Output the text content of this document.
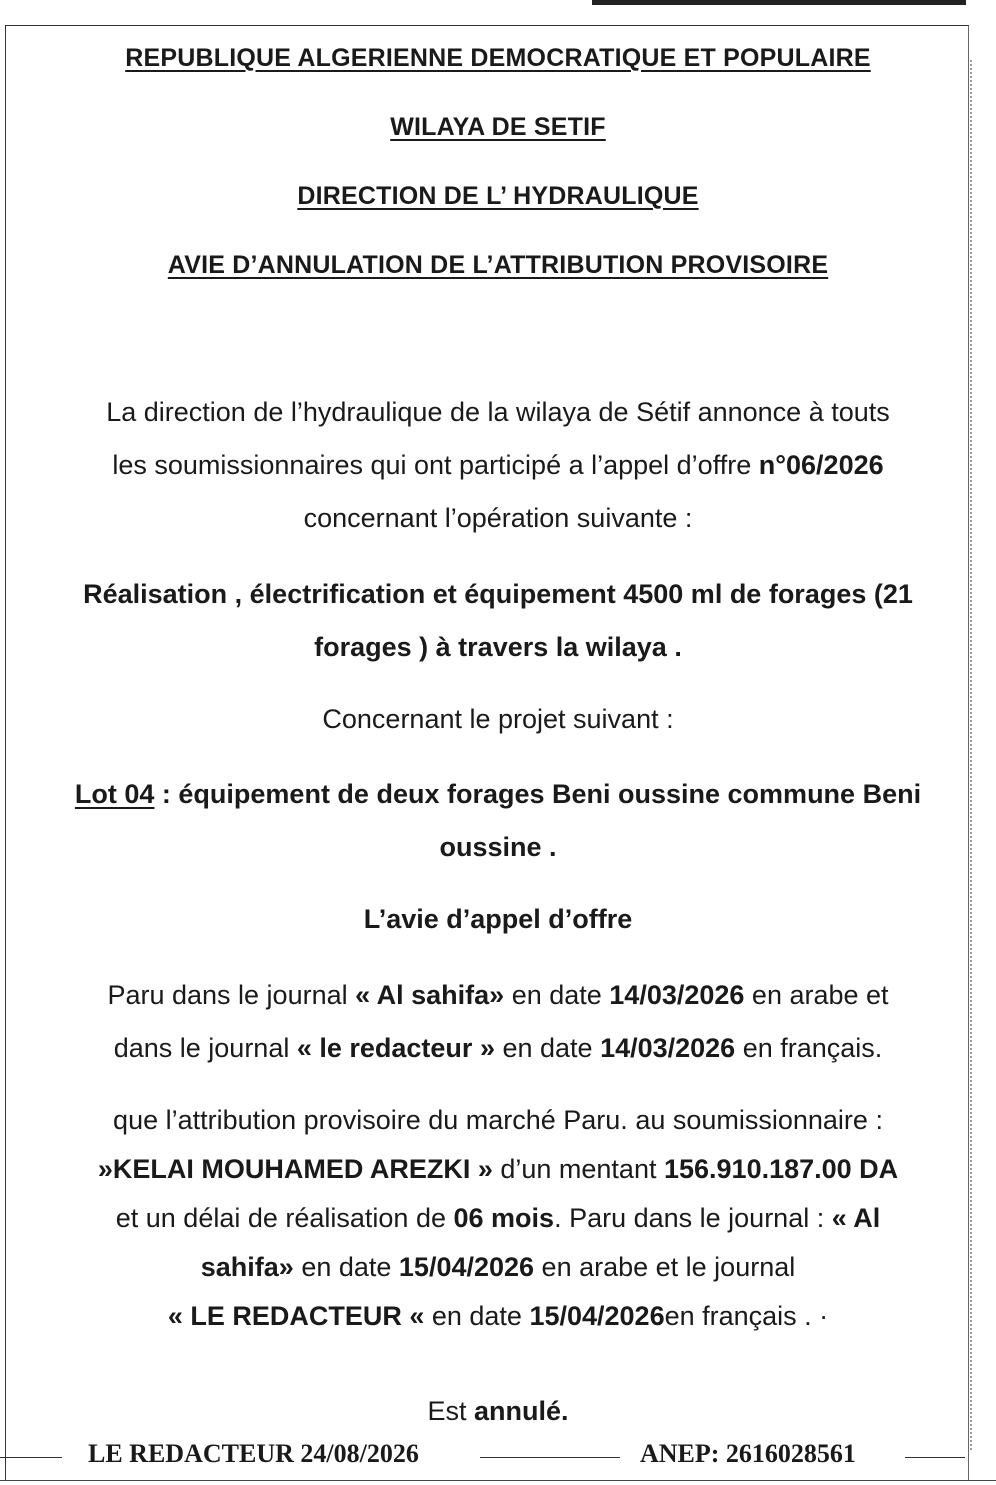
REPUBLIQUE ALGERIENNE DEMOCRATIQUE ET POPULAIRE
WILAYA DE SETIF
DIRECTION DE L’ HYDRAULIQUE
AVIE D’ANNULATION DE L’ATTRIBUTION PROVISOIRE
La direction de l’hydraulique de la wilaya de Sétif annonce à touts
les soumissionnaires qui ont participé a l’appel d’offre n°06/2026
concernant l’opération suivante :
Réalisation , électrification et équipement 4500 ml de forages (21
forages ) à travers la wilaya .
Concernant le projet suivant :
Lot 04 : équipement de deux forages Beni oussine commune Beni
oussine .
L’avie d’appel d’offre
Paru dans le journal « Al sahifa» en date 14/03/2026 en arabe et
dans le journal « le redacteur » en date 14/03/2026 en français.
que l’attribution provisoire du marché Paru. au soumissionnaire :
»KELAI MOUHAMED AREZKI » d’un mentant 156.910.187.00 DA
et un délai de réalisation de 06 mois. Paru dans le journal : « Al
sahifa» en date 15/04/2026 en arabe et le journal
« LE REDACTEUR « en date 15/04/2026en français . ·
Est annulé.
LE REDACTEUR 24/08/2026	ANEP: 2616028561
